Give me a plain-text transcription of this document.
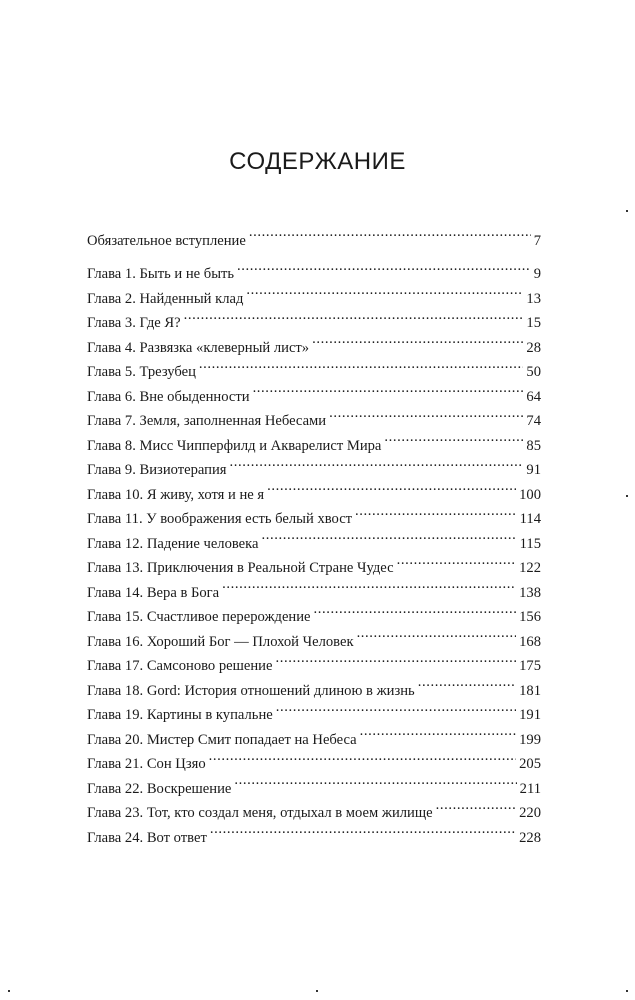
СОДЕРЖАНИЕ
Обязательное вступление .....	7
Глава 1. Быть и не быть .....	9
Глава 2. Найденный клад .....	13
Глава 3. Где Я? .....	15
Глава 4. Развязка «клеверный лист» .....	28
Глава 5. Трезубец .....	50
Глава 6. Вне обыденности .....	64
Глава 7. Земля, заполненная Небесами .....	74
Глава 8. Мисс Чипперфилд и Акварелист Мира .....	85
Глава 9. Визиотерапия .....	91
Глава 10. Я живу, хотя и не я .....	100
Глава 11. У воображения есть белый хвост .....	114
Глава 12. Падение человека .....	115
Глава 13. Приключения в Реальной Стране Чудес .....	122
Глава 14. Вера в Бога .....	138
Глава 15. Счастливое перерождение .....	156
Глава 16. Хороший Бог — Плохой Человек .....	168
Глава 17. Самсоново решение .....	175
Глава 18. Gord: История отношений длиною в жизнь .....	181
Глава 19. Картины в купальне .....	191
Глава 20. Мистер Смит попадает на Небеса .....	199
Глава 21. Сон Цзяо .....	205
Глава 22. Воскрешение .....	211
Глава 23. Тот, кто создал меня, отдыхал в моем жилище .....	220
Глава 24. Вот ответ .....	228
